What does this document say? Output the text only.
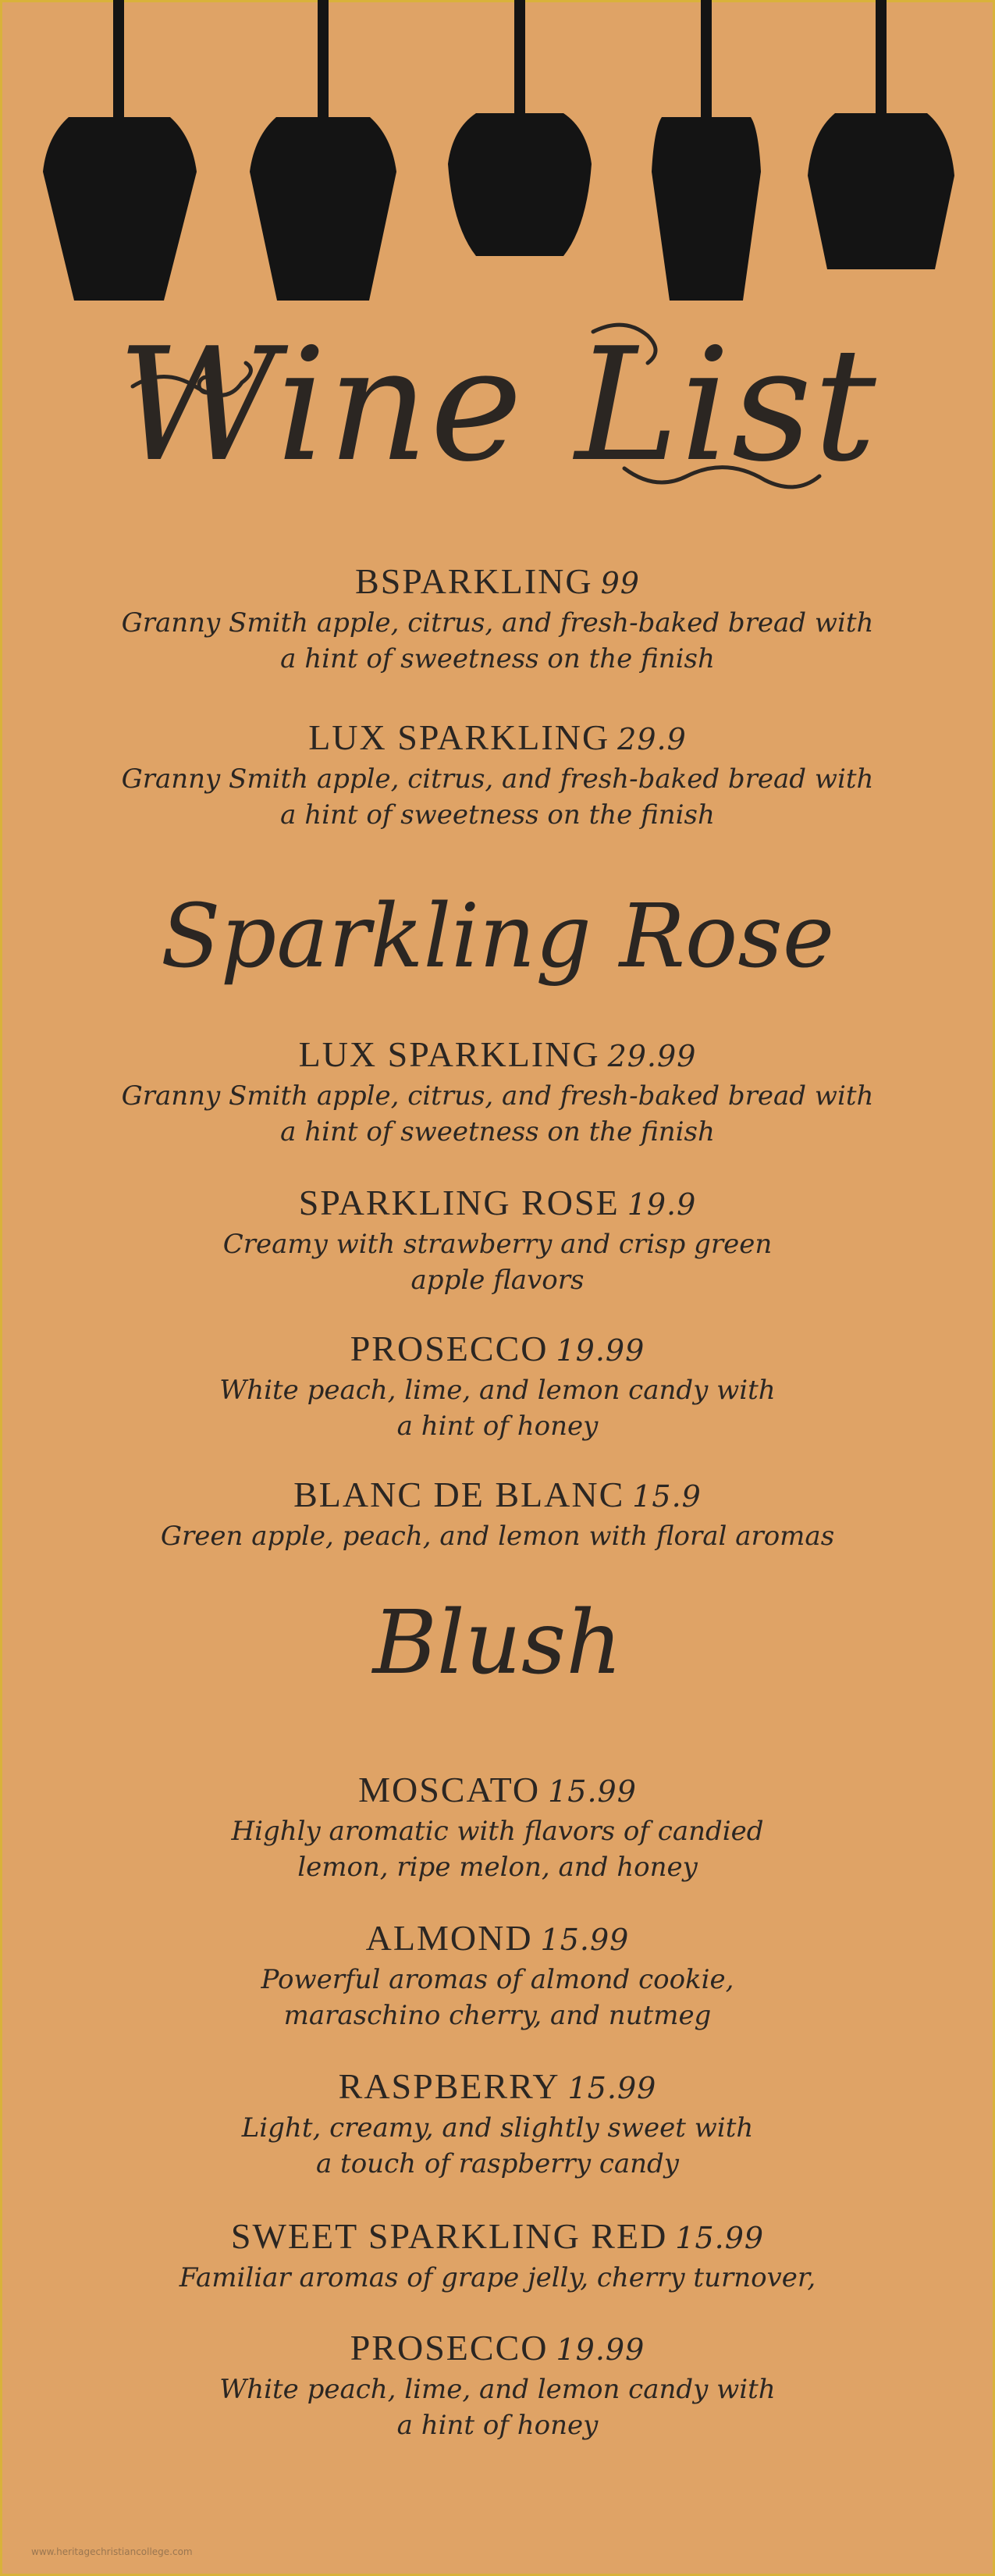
Wine List
BSPARKLING 99
Granny Smith apple, citrus, and fresh-baked bread with
a hint of sweetness on the finish
LUX SPARKLING 29.9
Granny Smith apple, citrus, and fresh-baked bread with
a hint of sweetness on the finish
Sparkling Rose
LUX SPARKLING 29.99
Granny Smith apple, citrus, and fresh-baked bread with
a hint of sweetness on the finish
SPARKLING ROSE 19.9
Creamy with strawberry and crisp green
apple flavors
PROSECCO 19.99
White peach, lime, and lemon candy with
a hint of honey
BLANC DE BLANC 15.9
Green apple, peach, and lemon with floral aromas
Blush
MOSCATO 15.99
Highly aromatic with flavors of candied
lemon, ripe melon, and honey
ALMOND 15.99
Powerful aromas of almond cookie,
maraschino cherry, and nutmeg
RASPBERRY 15.99
Light, creamy, and slightly sweet with
a touch of raspberry candy
SWEET SPARKLING RED 15.99
Familiar aromas of grape jelly, cherry turnover,
PROSECCO 19.99
White peach, lime, and lemon candy with
a hint of honey
www.heritagechristiancollege.com
